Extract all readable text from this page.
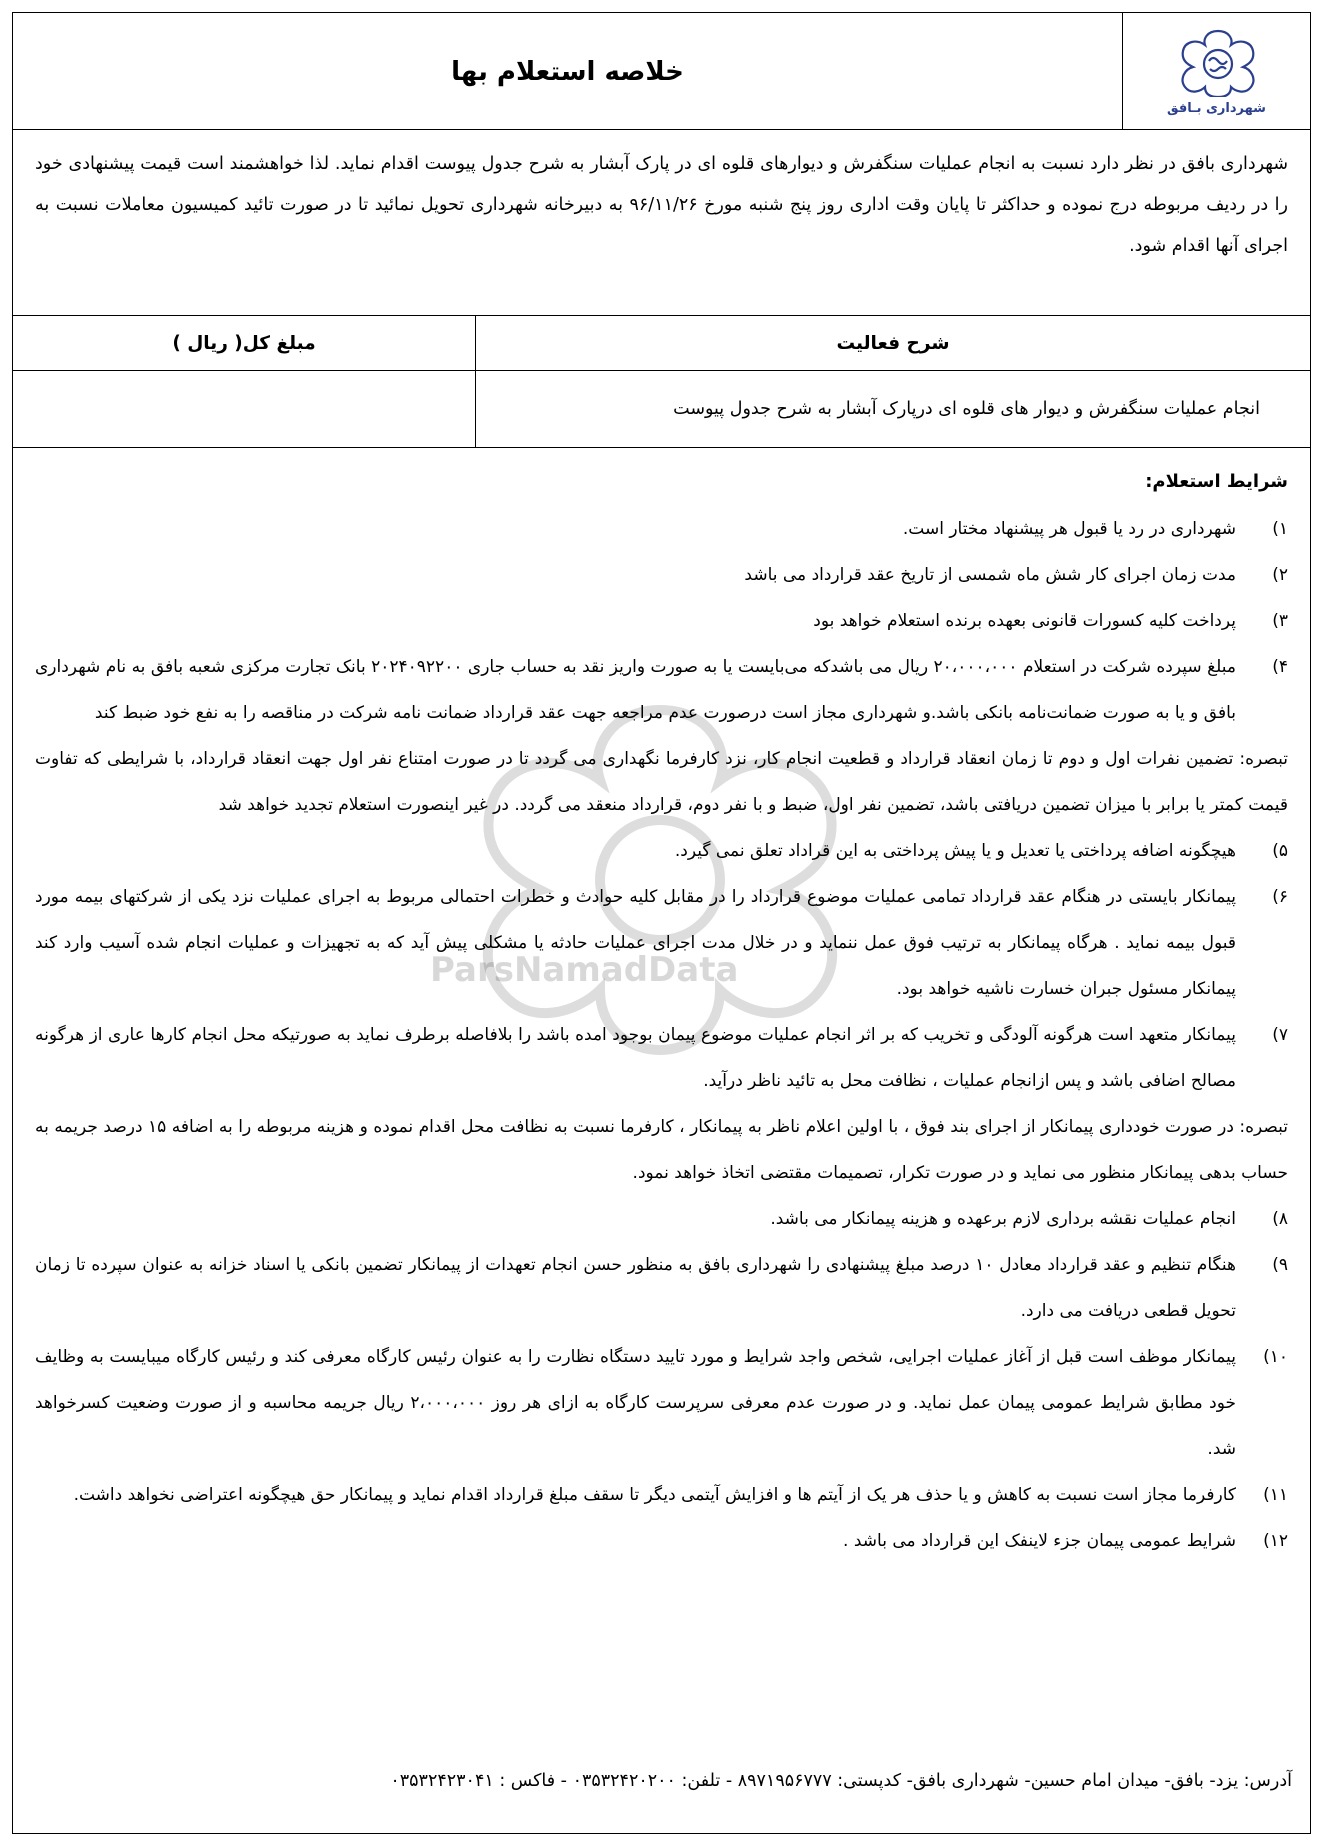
شهرداری بـافق
خلاصه استعلام بها
شهرداری بافق در نظر دارد نسبت به انجام عملیات سنگفرش و دیوارهای قلوه ای در پارک آبشار به شرح جدول پیوست اقدام نماید. لذا خواهشمند است قیمت پیشنهادی خود را در ردیف مربوطه درج نموده و حداکثر تا پایان وقت اداری روز پنج شنبه مورخ ۹۶/۱۱/۲۶ به دبیرخانه شهرداری تحویل نمائید تا در صورت تائید کمیسیون معاملات نسبت به اجرای آنها اقدام شود.
شرح فعالیت
مبلغ کل( ریال )
انجام عملیات سنگفرش و دیوار های قلوه ای درپارک آبشار به شرح جدول پیوست
شرایط استعلام:
۱)
شهرداری در رد یا قبول هر پیشنهاد مختار است.
۲)
مدت زمان اجرای کار شش ماه شمسی از تاریخ عقد قرارداد می باشد
۳)
پرداخت کلیه کسورات قانونی بعهده برنده استعلام خواهد بود
۴)
مبلغ سپرده شرکت در استعلام ۲۰،۰۰۰،۰۰۰ ریال می باشدکه می‌بایست یا به صورت واریز نقد به حساب جاری ۲۰۲۴۰۹۲۲۰۰ بانک تجارت مرکزی شعبه بافق به نام شهرداری بافق و یا به صورت ضمانت‌نامه بانکی باشد.و شهرداری مجاز است درصورت عدم مراجعه جهت عقد قرارداد ضمانت نامه شرکت در مناقصه را به نفع خود ضبط کند
تبصره: تضمین نفرات اول و دوم تا زمان انعقاد قرارداد و قطعیت انجام کار، نزد کارفرما نگهداری می گردد تا در صورت امتناع نفر اول جهت انعقاد قرارداد، با شرایطی که تفاوت قیمت کمتر یا برابر با میزان تضمین دریافتی باشد، تضمین نفر اول، ضبط و با نفر دوم، قرارداد منعقد می گردد. در غیر اینصورت استعلام تجدید خواهد شد
۵)
هیچگونه اضافه پرداختی یا تعدیل و یا پیش پرداختی به این قراداد تعلق نمی گیرد.
۶)
پیمانکار بایستی در هنگام عقد قرارداد تمامی عملیات موضوع قرارداد را در مقابل کلیه حوادث و خطرات احتمالی مربوط به اجرای عملیات نزد یکی از شرکتهای بیمه مورد قبول بیمه نماید . هرگاه پیمانکار به ترتیب فوق عمل ننماید و در خلال مدت اجرای عملیات حادثه یا مشکلی پیش آید که به تجهیزات و عملیات انجام شده آسیب وارد کند پیمانکار مسئول جبران خسارت ناشیه خواهد بود.
۷)
پیمانکار متعهد است هرگونه آلودگی و تخریب که بر اثر انجام عملیات موضوع پیمان بوجود امده باشد را بلافاصله برطرف نماید به صورتیکه محل انجام کارها عاری از هرگونه مصالح اضافی باشد و پس ازانجام عملیات ، نظافت محل به تائید ناظر درآید.
تبصره: در صورت خودداری پیمانکار از اجرای بند فوق ، با اولین اعلام ناظر به پیمانکار ، کارفرما نسبت به نظافت محل اقدام نموده و هزینه مربوطه را به اضافه ۱۵ درصد جریمه به حساب بدهی پیمانکار منظور می نماید و در صورت تکرار، تصمیمات مقتضی اتخاذ خواهد نمود.
۸)
انجام عملیات نقشه برداری لازم برعهده و هزینه پیمانکار می باشد.
۹)
هنگام تنظیم و عقد قرارداد معادل ۱۰ درصد مبلغ پیشنهادی را شهرداری بافق به منظور حسن انجام تعهدات از پیمانکار تضمین بانکی یا اسناد خزانه به عنوان سپرده تا زمان تحویل قطعی دریافت می دارد.
۱۰)
پیمانکار موظف است قبل از آغاز عملیات اجرایی، شخص واجد شرایط و مورد تایید دستگاه نظارت را به عنوان رئیس کارگاه معرفی کند و رئیس کارگاه میبایست به وظایف خود مطابق شرایط عمومی پیمان عمل نماید. و در صورت عدم معرفی سرپرست کارگاه به ازای هر روز ۲،۰۰۰،۰۰۰ ریال جریمه محاسبه و از صورت وضعیت کسرخواهد شد.
۱۱)
کارفرما مجاز است نسبت به کاهش و یا حذف هر یک از آیتم ها و افزایش آیتمی دیگر تا سقف مبلغ قرارداد اقدام نماید و پیمانکار حق هیچگونه اعتراضی نخواهد داشت.
۱۲)
شرایط عمومی پیمان جزء لاینفک این قرارداد می باشد .
آدرس: یزد- بافق- میدان امام حسین- شهرداری بافق- کدپستی: ۸۹۷۱۹۵۶۷۷۷ - تلفن: ۰۳۵۳۲۴۲۰۲۰۰ - فاکس : ۰۳۵۳۲۴۲۳۰۴۱
ParsNamadData
